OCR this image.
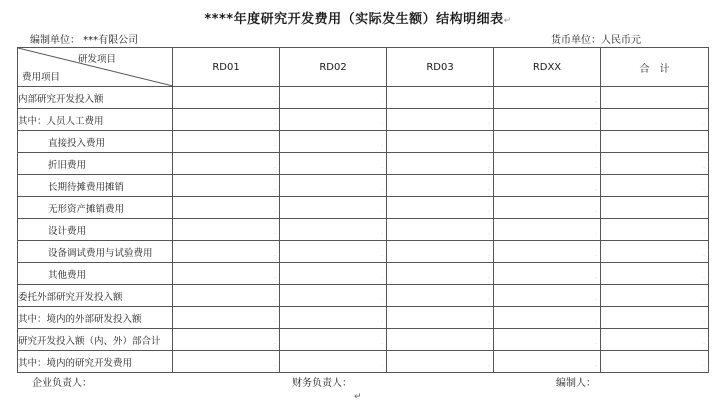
****年度研究开发费用（实际发生额）结构明细表↵
编制单位： ***有限公司	货币单位：人民币元
研发项目
费用项目	RD01	RD02	RD03	RDXX	合　计
内部研究开发投入额	·	·	·	·	·

其中：人员人工费用	·	·	·	·	·

直接投入费用	·	·	·	·	·

折旧费用	·	·	·	·	·

长期待摊费用摊销	·	·	·	·	·

无形资产摊销费用	·	·	·	·	·

设计费用	·	·	·	·	·

设备调试费用与试验费用	·	·	·	·	·

其他费用	·	·	·	·	·

委托外部研究开发投入额	·	·	·	·	·

其中：境内的外部研发投入额	·	·	·	·	·

研究开发投入额（内、外）部合计	·	·	·	·	·

其中：境内的研究开发费用	·	·	·	·	·
企业负责人：	财务负责人：	编制人：
↵
